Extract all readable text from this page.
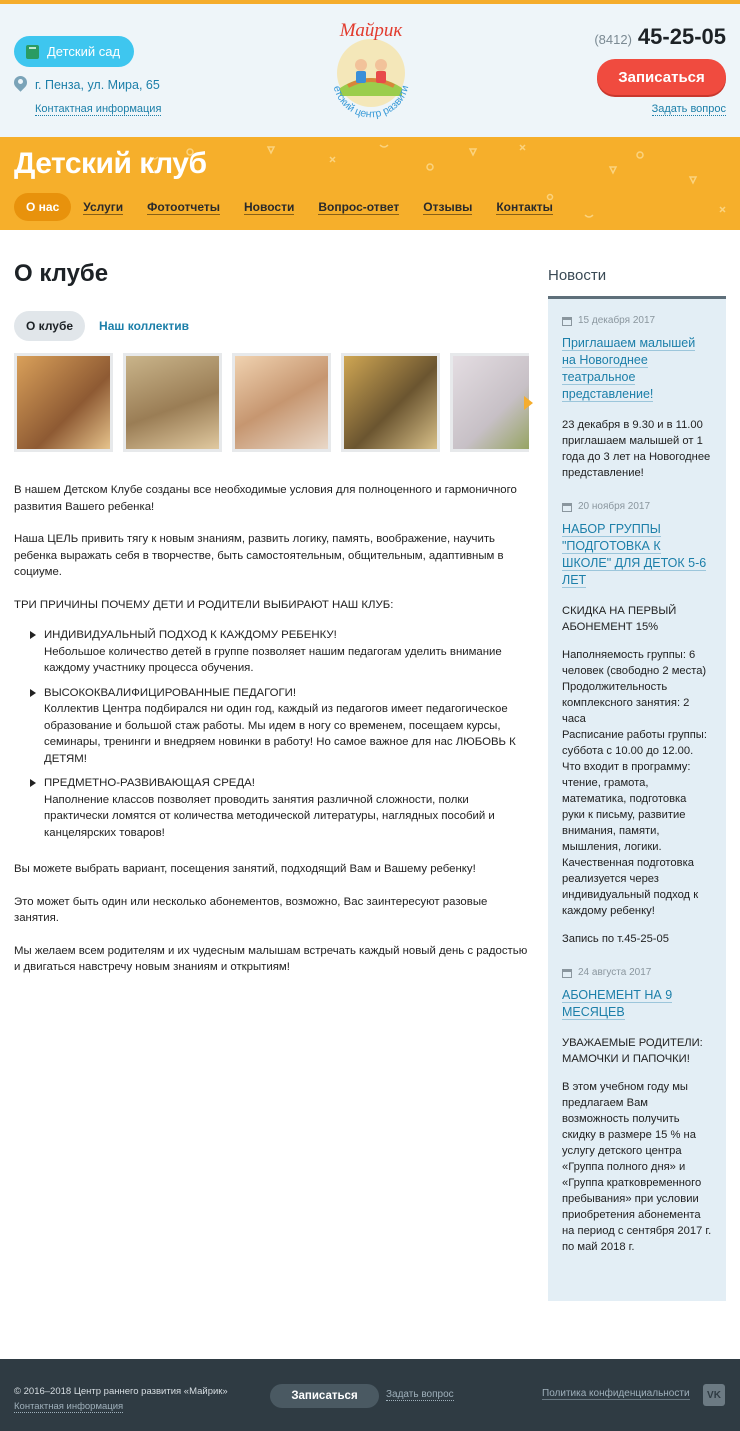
Детский сад
г. Пенза, ул. Мира, 65
Контактная информация
Майрик
етский центр развити
(8412) 45-25-05
Записаться
Задать вопрос
Детский клуб
О нас Услуги Фотоотчеты Новости Вопрос-ответ Отзывы Контакты
О клубе
О клубе	Наш коллектив

В нашем Детском Клубе созданы все необходимые условия для полноценного и гармоничного развития Вашего ребенка!

Наша ЦЕЛЬ привить тягу к новым знаниям, развить логику, память, воображение, научить ребенка выражать себя в творчестве, быть самостоятельным, общительным, адаптивным в социуме.

ТРИ ПРИЧИНЫ ПОЧЕМУ ДЕТИ И РОДИТЕЛИ ВЫБИРАЮТ НАШ КЛУБ:

ИНДИВИДУАЛЬНЫЙ ПОДХОД К КАЖДОМУ РЕБЕНКУ!
Небольшое количество детей в группе позволяет нашим педагогам уделить внимание каждому участнику процесса обучения.
ВЫСОКОКВАЛИФИЦИРОВАННЫЕ ПЕДАГОГИ!
Коллектив Центра подбирался ни один год, каждый из педагогов имеет педагогическое образование и большой стаж работы. Мы идем в ногу со временем, посещаем курсы, семинары, тренинги и внедряем новинки в работу! Но самое важное для нас ЛЮБОВЬ К ДЕТЯМ!
ПРЕДМЕТНО-РАЗВИВАЮЩАЯ СРЕДА!
Наполнение классов позволяет проводить занятия различной сложности, полки практически ломятся от количества методической литературы, наглядных пособий и канцелярских товаров!

Вы можете выбрать вариант, посещения занятий, подходящий Вам и Вашему ребенку!

Это может быть один или несколько абонементов, возможно, Вас заинтересуют разовые занятия.

Мы желаем всем родителям и их чудесным малышам встречать каждый новый день с радостью и двигаться навстречу новым знаниям и открытиям!

Новости
15 декабря 2017
Приглашаем малышей на Новогоднее театральное представление!

23 декабря в 9.30 и в 11.00 приглашаем малышей от 1 года до 3 лет на Новогоднее представление!

20 ноября 2017
НАБОР ГРУППЫ "ПОДГОТОВКА К ШКОЛЕ" ДЛЯ ДЕТОК 5-6 ЛЕТ

СКИДКА НА ПЕРВЫЙ АБОНЕМЕНТ 15%

Наполняемость группы: 6 человек (свободно 2 места)

Продолжительность комплексного занятия: 2 часа

Расписание работы группы: суббота с 10.00 до 12.00.

Что входит в программу: чтение, грамота, математика, подготовка руки к письму, развитие внимания, памяти, мышления, логики.

Качественная подготовка реализуется через индивидуальный подход к каждому ребенку!

Запись по т.45-25-05

24 августа 2017
АБОНЕМЕНТ НА 9 МЕСЯЦЕВ

УВАЖАЕМЫЕ РОДИТЕЛИ: МАМОЧКИ И ПАПОЧКИ!

В этом учебном году мы предлагаем Вам возможность получить скидку в размере 15 % на услугу детского центра «Группа полного дня» и «Группа кратковременного пребывания» при условии приобретения абонемента на период с сентября 2017 г. по май 2018 г.

© 2016–2018 Центр раннего развития «Майрик»
Контактная информация
Записаться	Задать вопрос	Политика конфиденциальности	VK
